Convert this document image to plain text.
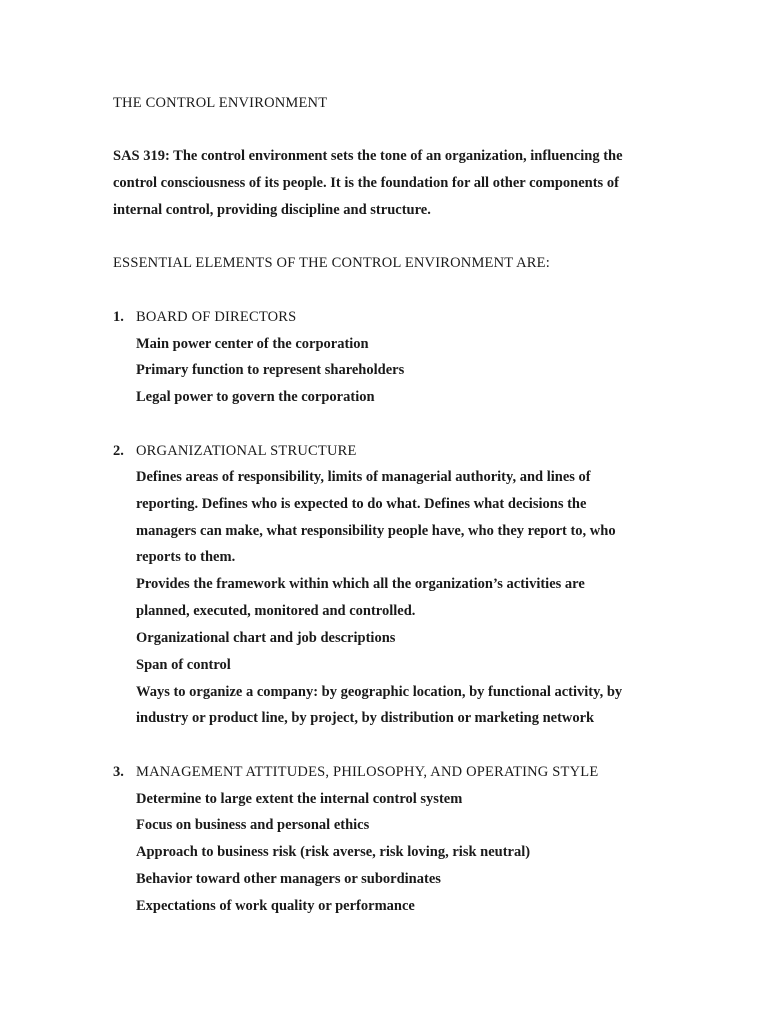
THE CONTROL ENVIRONMENT
SAS 319: The control environment sets the tone of an organization, influencing the
control consciousness of its people. It is the foundation for all other components of
internal control, providing discipline and structure.
ESSENTIAL ELEMENTS OF THE CONTROL ENVIRONMENT ARE:
1. BOARD OF DIRECTORS
Main power center of the corporation
Primary function to represent shareholders
Legal power to govern the corporation
2. ORGANIZATIONAL STRUCTURE
Defines areas of responsibility, limits of managerial authority, and lines of
reporting. Defines who is expected to do what. Defines what decisions the
managers can make, what responsibility people have, who they report to, who
reports to them.
Provides the framework within which all the organization’s activities are
planned, executed, monitored and controlled.
Organizational chart and job descriptions
Span of control
Ways to organize a company: by geographic location, by functional activity, by
industry or product line, by project, by distribution or marketing network
3. MANAGEMENT ATTITUDES, PHILOSOPHY, AND OPERATING STYLE
Determine to large extent the internal control system
Focus on business and personal ethics
Approach to business risk (risk averse, risk loving, risk neutral)
Behavior toward other managers or subordinates
Expectations of work quality or performance
